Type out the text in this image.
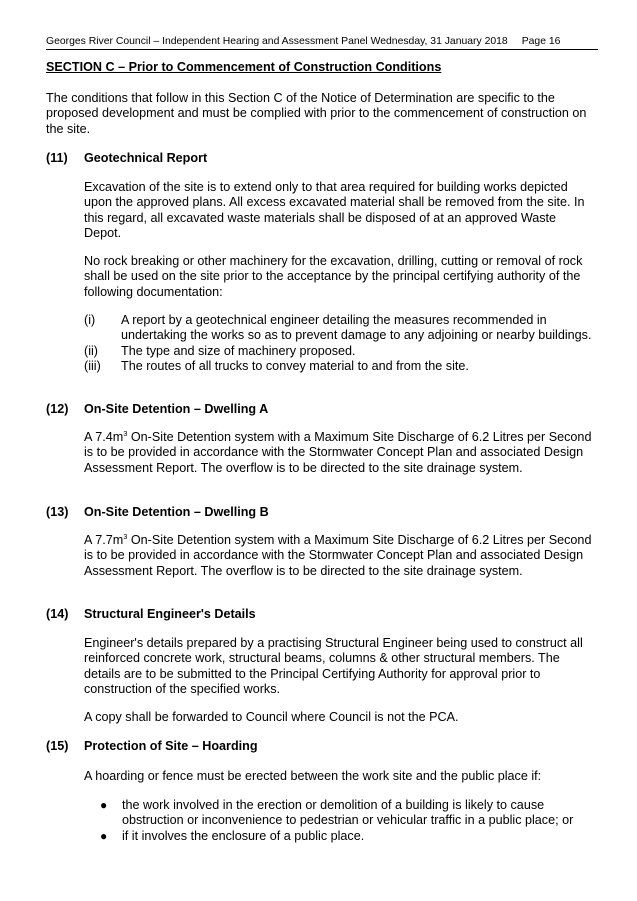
Georges River Council – Independent Hearing and Assessment Panel Wednesday, 31 January 2018 Page 16
SECTION C – Prior to Commencement of Construction Conditions
The conditions that follow in this Section C of the Notice of Determination are specific to the proposed development and must be complied with prior to the commencement of construction on the site.
(11) Geotechnical Report
Excavation of the site is to extend only to that area required for building works depicted upon the approved plans. All excess excavated material shall be removed from the site. In this regard, all excavated waste materials shall be disposed of at an approved Waste Depot.
No rock breaking or other machinery for the excavation, drilling, cutting or removal of rock shall be used on the site prior to the acceptance by the principal certifying authority of the following documentation:
(i) A report by a geotechnical engineer detailing the measures recommended in undertaking the works so as to prevent damage to any adjoining or nearby buildings.
(ii) The type and size of machinery proposed.
(iii) The routes of all trucks to convey material to and from the site.
(12) On-Site Detention – Dwelling A
A $7.4m^3$ On-Site Detention system with a Maximum Site Discharge of 6.2 Litres per Second is to be provided in accordance with the Stormwater Concept Plan and associated Design Assessment Report. The overflow is to be directed to the site drainage system.
(13) On-Site Detention – Dwelling B
A $7.7m^3$ On-Site Detention system with a Maximum Site Discharge of 6.2 Litres per Second is to be provided in accordance with the Stormwater Concept Plan and associated Design Assessment Report. The overflow is to be directed to the site drainage system.
(14) Structural Engineer's Details
Engineer's details prepared by a practising Structural Engineer being used to construct all reinforced concrete work, structural beams, columns & other structural members. The details are to be submitted to the Principal Certifying Authority for approval prior to construction of the specified works.
A copy shall be forwarded to Council where Council is not the PCA.
(15) Protection of Site – Hoarding
A hoarding or fence must be erected between the work site and the public place if:
● the work involved in the erection or demolition of a building is likely to cause obstruction or inconvenience to pedestrian or vehicular traffic in a public place; or
● if it involves the enclosure of a public place.
